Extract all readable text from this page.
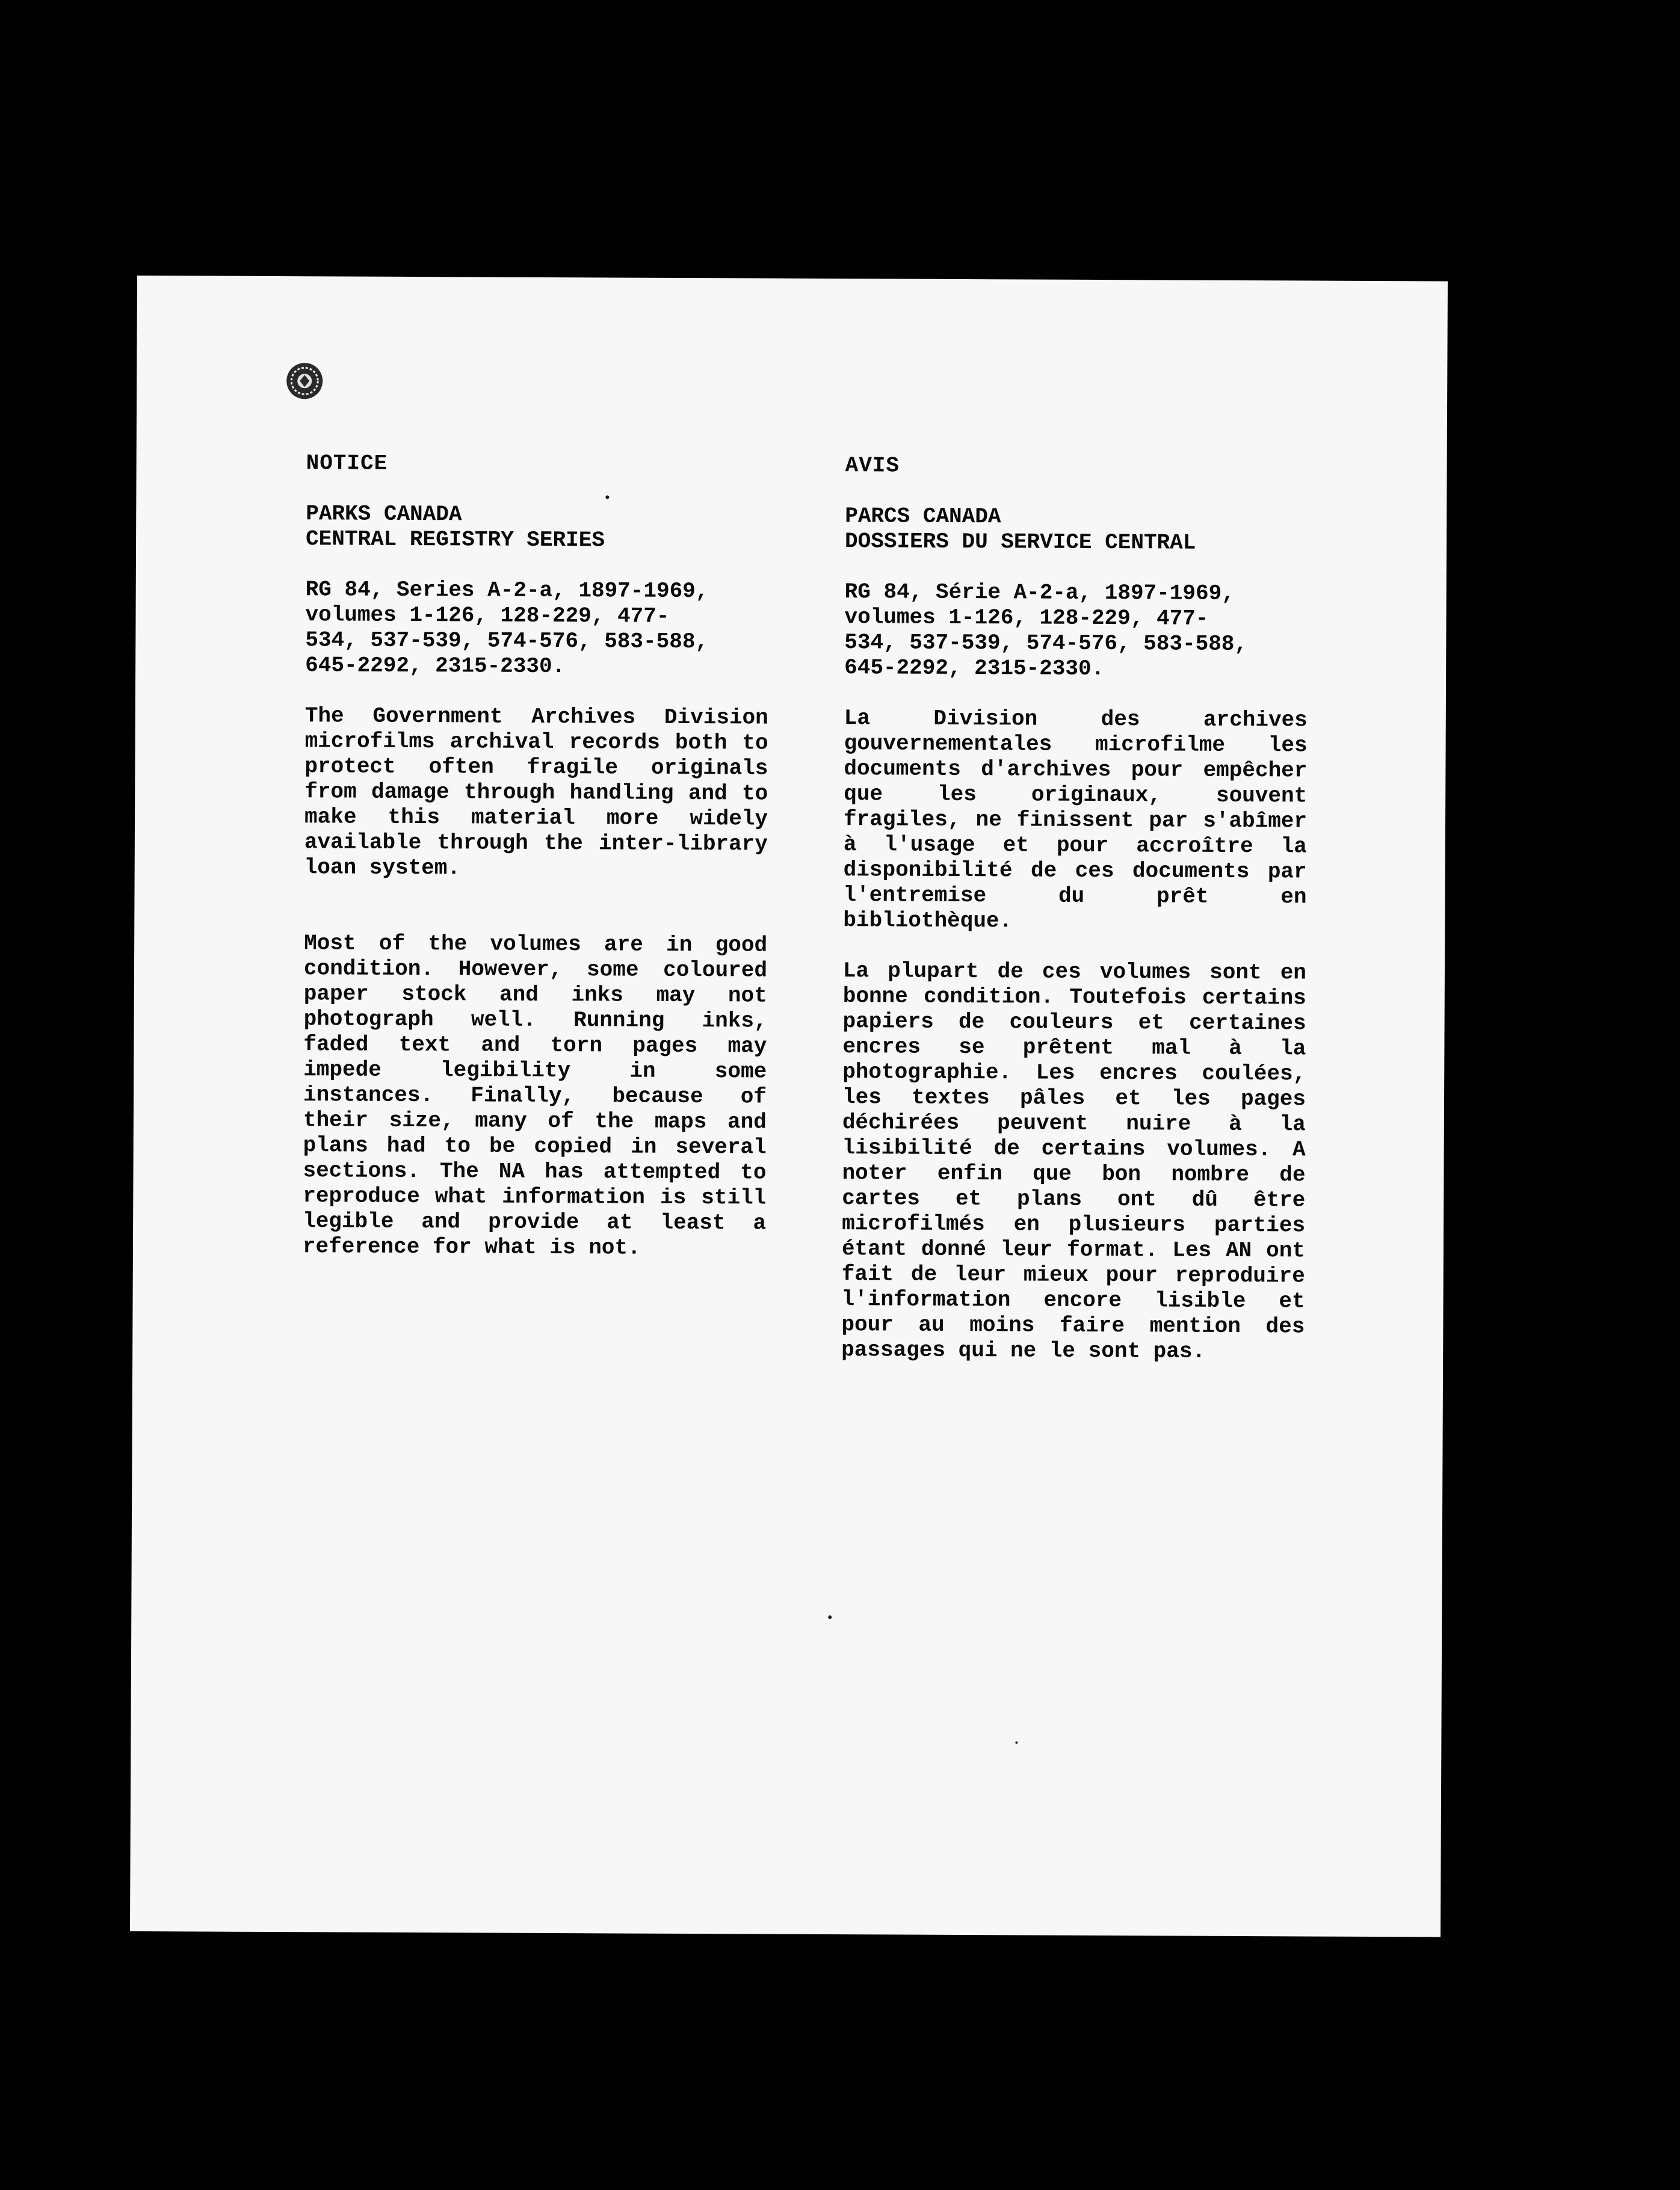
NOTICE
PARKS CANADA
CENTRAL REGISTRY SERIES
RG 84, Series A-2-a, 1897-1969,
volumes 1-126, 128-229, 477-
534, 537-539, 574-576, 583-588,
645-2292, 2315-2330.

The Government Archives Division microfilms archival records both to protect often fragile originals from damage through handling and to make this material more widely available through the inter-library loan system.

Most of the volumes are in good condition. However, some coloured paper stock and inks may not photograph well. Running inks, faded text and torn pages may impede legibility in some instances. Finally, because of their size, many of the maps and plans had to be copied in several sections. The NA has attempted to reproduce what information is still legible and provide at least a reference for what is not.

AVIS
PARCS CANADA
DOSSIERS DU SERVICE CENTRAL
RG 84, Série A-2-a, 1897-1969,
volumes 1-126, 128-229, 477-
534, 537-539, 574-576, 583-588,
645-2292, 2315-2330.

La Division des archives gouvernementales microfilme les documents d'archives pour empêcher que les originaux, souvent fragiles, ne finissent par s'abîmer à l'usage et pour accroître la disponibilité de ces documents par l'entremise du prêt en bibliothèque.

La plupart de ces volumes sont en bonne condition. Toutefois certains papiers de couleurs et certaines encres se prêtent mal à la photographie. Les encres coulées, les textes pâles et les pages déchirées peuvent nuire à la lisibilité de certains volumes. A noter enfin que bon nombre de cartes et plans ont dû être microfilmés en plusieurs parties étant donné leur format. Les AN ont fait de leur mieux pour reproduire l'information encore lisible et pour au moins faire mention des passages qui ne le sont pas.
